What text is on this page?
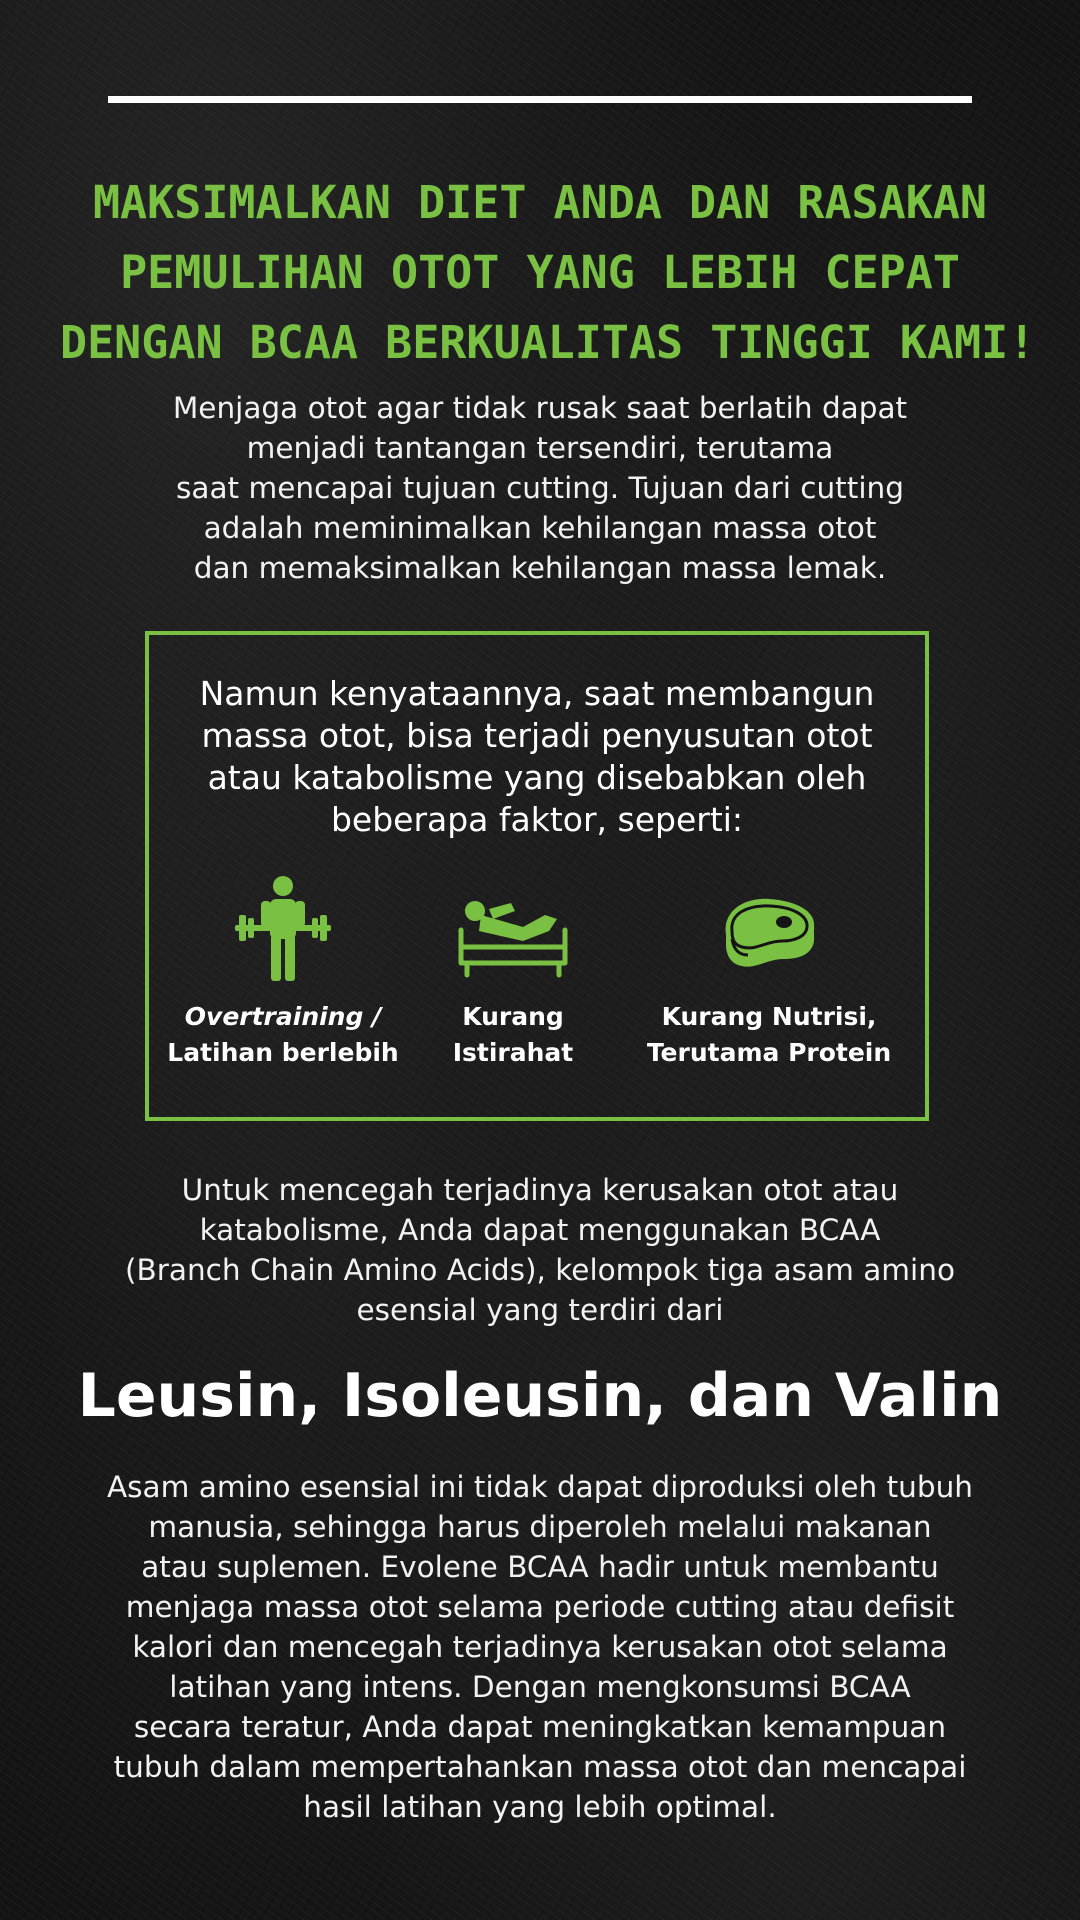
MAKSIMALKAN DIET ANDA DAN RASAKAN
PEMULIHAN OTOT YANG LEBIH CEPAT
DENGAN BCAA BERKUALITAS TINGGI KAMI!
Menjaga otot agar tidak rusak saat berlatih dapat
menjadi tantangan tersendiri, terutama
saat mencapai tujuan cutting. Tujuan dari cutting
adalah meminimalkan kehilangan massa otot
dan memaksimalkan kehilangan massa lemak.
Namun kenyataannya, saat membangun
massa otot, bisa terjadi penyusutan otot
atau katabolisme yang disebabkan oleh
beberapa faktor, seperti:
Overtraining /
Latihan berlebih
Kurang
Istirahat
Kurang Nutrisi,
Terutama Protein
Untuk mencegah terjadinya kerusakan otot atau
katabolisme, Anda dapat menggunakan BCAA
(Branch Chain Amino Acids), kelompok tiga asam amino
esensial yang terdiri dari
Leusin, Isoleusin, dan Valin
Asam amino esensial ini tidak dapat diproduksi oleh tubuh
manusia, sehingga harus diperoleh melalui makanan
atau suplemen. Evolene BCAA hadir untuk membantu
menjaga massa otot selama periode cutting atau defisit
kalori dan mencegah terjadinya kerusakan otot selama
latihan yang intens. Dengan mengkonsumsi BCAA
secara teratur, Anda dapat meningkatkan kemampuan
tubuh dalam mempertahankan massa otot dan mencapai
hasil latihan yang lebih optimal.
